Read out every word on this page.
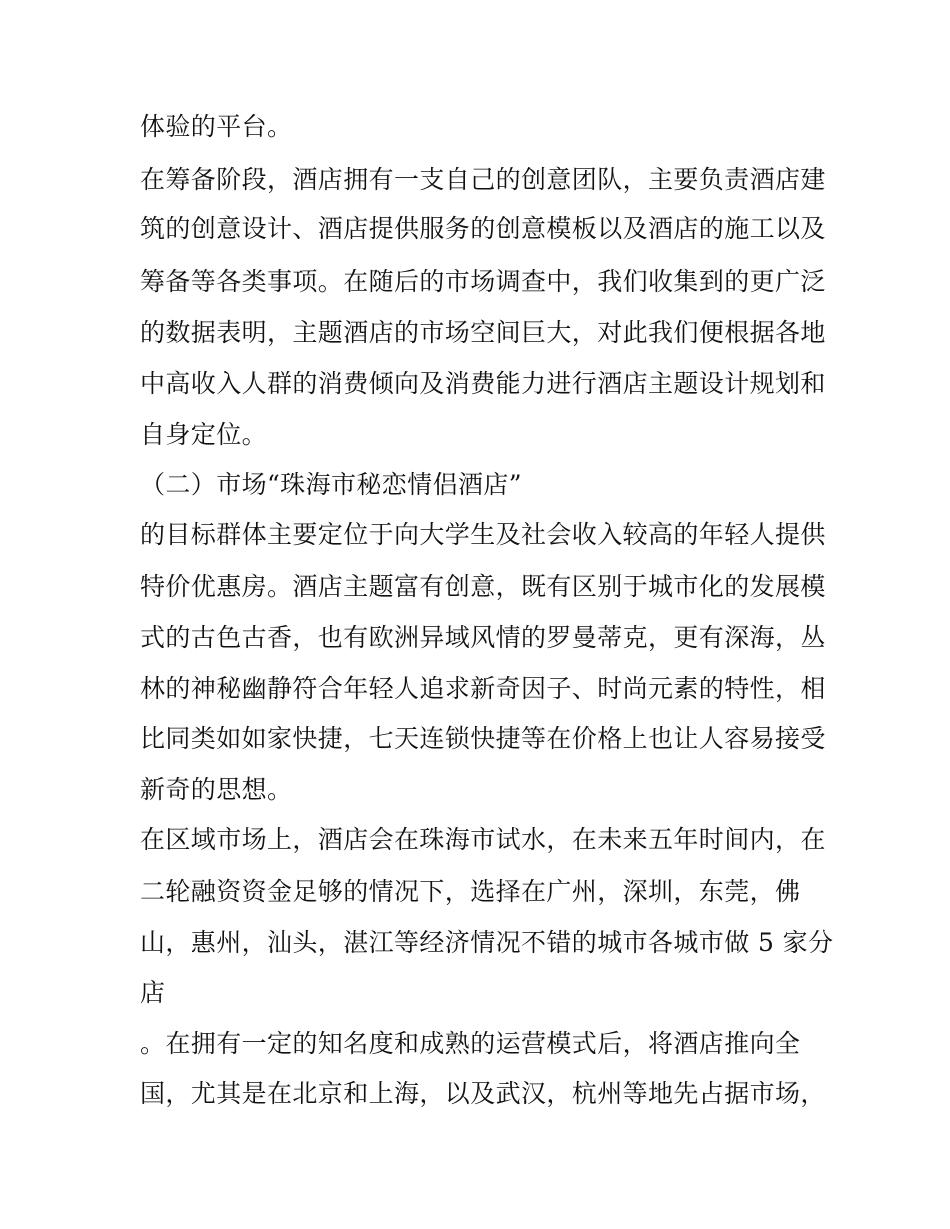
体验的平台。
在筹备阶段，酒店拥有一支自己的创意团队，主要负责酒店建
筑的创意设计、酒店提供服务的创意模板以及酒店的施工以及
筹备等各类事项。在随后的市场调查中，我们收集到的更广泛
的数据表明，主题酒店的市场空间巨大，对此我们便根据各地
中高收入人群的消费倾向及消费能力进行酒店主题设计规划和
自身定位。
（二）市场“珠海市秘恋情侣酒店”
的目标群体主要定位于向大学生及社会收入较高的年轻人提供
特价优惠房。酒店主题富有创意，既有区别于城市化的发展模
式的古色古香，也有欧洲异域风情的罗曼蒂克，更有深海，丛
林的神秘幽静符合年轻人追求新奇因子、时尚元素的特性，相
比同类如如家快捷，七天连锁快捷等在价格上也让人容易接受
新奇的思想。
在区域市场上，酒店会在珠海市试水，在未来五年时间内，在
二轮融资资金足够的情况下，选择在广州，深圳，东莞，佛
山，惠州，汕头，湛江等经济情况不错的城市各城市做 5 家分
店
。在拥有一定的知名度和成熟的运营模式后，将酒店推向全
国，尤其是在北京和上海，以及武汉，杭州等地先占据市场，
